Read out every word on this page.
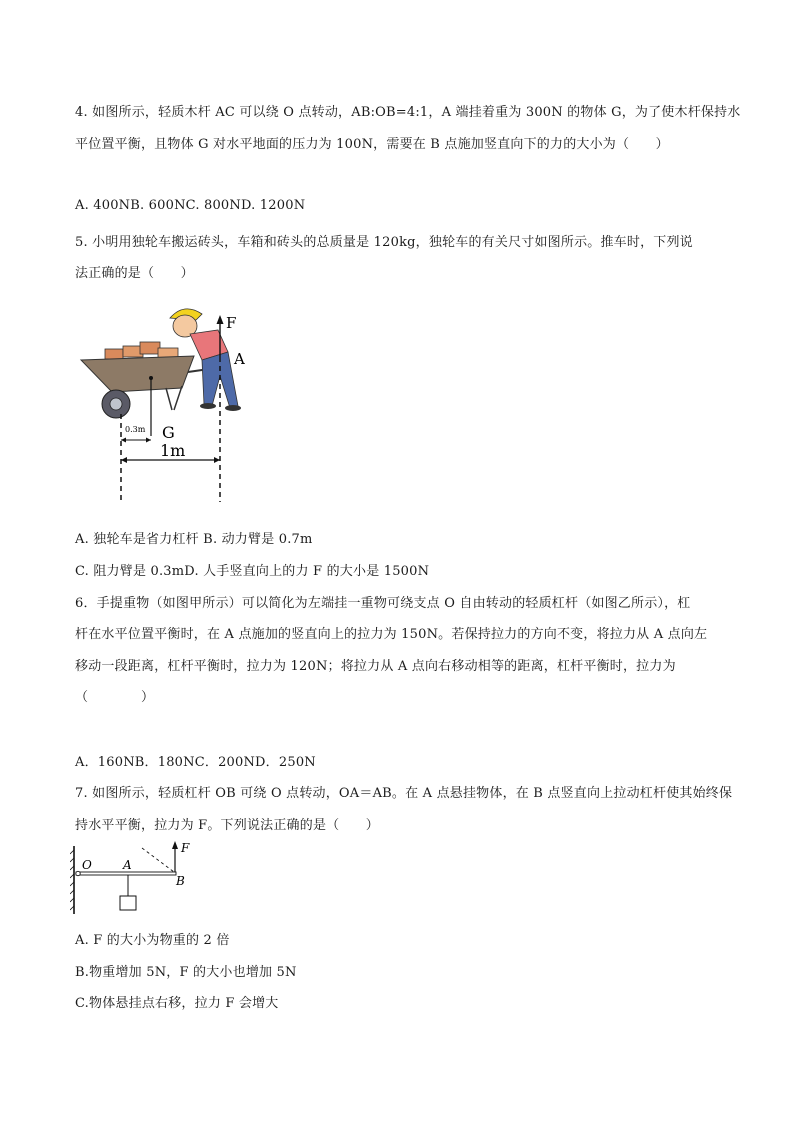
4. 如图所示，轻质木杆 AC 可以绕 O 点转动，AB:OB=4:1，A 端挂着重为 300N 的物体 G，为了使木杆保持水
平位置平衡，且物体 G 对水平地面的压力为 100N，需要在 B 点施加竖直向下的力的大小为（　　）
A. 400NB. 600NC. 800ND. 1200N
5. 小明用独轮车搬运砖头，车箱和砖头的总质量是 120kg，独轮车的有关尺寸如图所示。推车时，下列说
法正确的是（　　）
F
A
G
0.3m
1m
A. 独轮车是省力杠杆 B. 动力臂是 0.7m
C. 阻力臂是 0.3mD. 人手竖直向上的力 F 的大小是 1500N
6．手提重物（如图甲所示）可以简化为左端挂一重物可绕支点 O 自由转动的轻质杠杆（如图乙所示），杠
杆在水平位置平衡时，在 A 点施加的竖直向上的拉力为 150N。若保持拉力的方向不变，将拉力从 A 点向左
移动一段距离，杠杆平衡时，拉力为 120N；将拉力从 A 点向右移动相等的距离，杠杆平衡时，拉力为
（　　　　）
A．160NB．180NC．200ND．250N
7. 如图所示，轻质杠杆 OB 可绕 O 点转动，OA＝AB。在 A 点悬挂物体，在 B 点竖直向上拉动杠杆使其始终保
持水平平衡，拉力为 F。下列说法正确的是（　　）
O	A
B
F
A. F 的大小为物重的 2 倍
B.物重增加 5N，F 的大小也增加 5N
C.物体悬挂点右移，拉力 F 会增大
